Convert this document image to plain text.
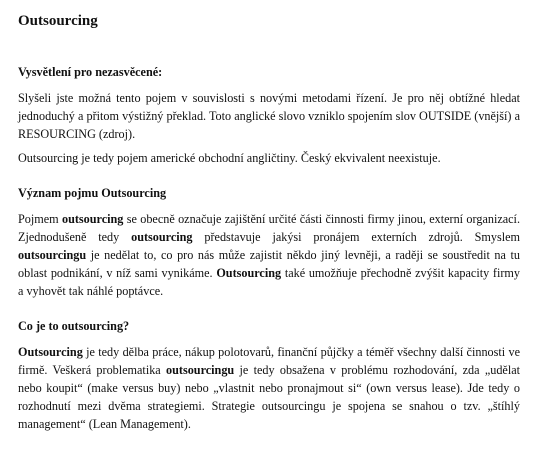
Outsourcing
Vysvětlení pro nezasvěcené:

Slyšeli jste možná tento pojem v souvislosti s novými metodami řízení. Je pro něj obtížné hledat jednoduchý a přitom výstižný překlad. Toto anglické slovo vzniklo spojením slov OUTSIDE (vnější) a RESOURCING (zdroj).

Outsourcing je tedy pojem americké obchodní angličtiny. Český ekvivalent neexistuje.

Význam pojmu Outsourcing

Pojmem outsourcing se obecně označuje zajištění určité části činnosti firmy jinou, externí organizací. Zjednodušeně tedy outsourcing představuje jakýsi pronájem externích zdrojů. Smyslem outsourcingu je nedělat to, co pro nás může zajistit někdo jiný levněji, a raději se soustředit na tu oblast podnikání, v níž sami vynikáme. Outsourcing také umožňuje přechodně zvýšit kapacity firmy a vyhovět tak náhlé poptávce.

Co je to outsourcing?

Outsourcing je tedy dělba práce, nákup polotovarů, finanční půjčky a téměř všechny další činnosti ve firmě. Veškerá problematika outsourcingu je tedy obsažena v problému rozhodování, zda „udělat nebo koupit“ (make versus buy) nebo „vlastnit nebo pronajmout si“ (own versus lease). Jde tedy o rozhodnutí mezi dvěma strategiemi. Strategie outsourcingu je spojena se snahou o tzv. „štíhlý management“ (Lean Management).
